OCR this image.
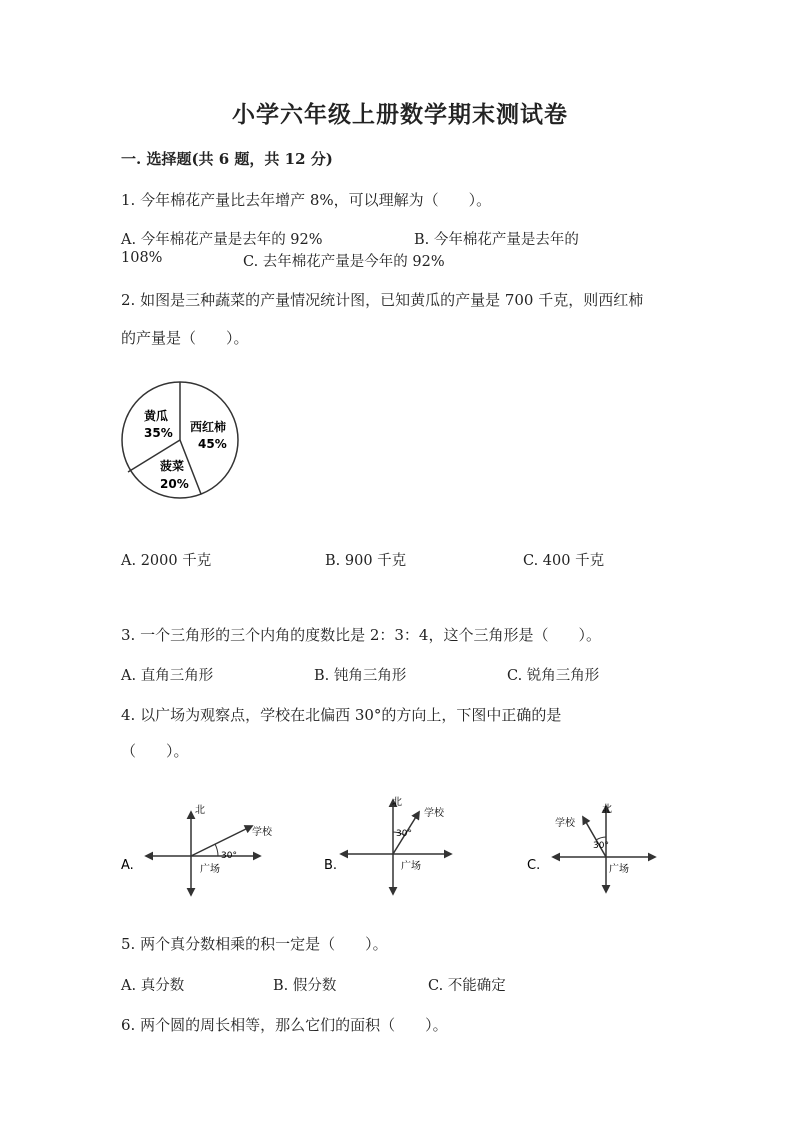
小学六年级上册数学期末测试卷
一. 选择题(共 6 题，共 12 分)
1. 今年棉花产量比去年增产 8%，可以理解为（　　）。
A. 今年棉花产量是去年的 92%	B. 今年棉花产量是去年的
108%	C. 去年棉花产量是今年的 92%
2. 如图是三种蔬菜的产量情况统计图，已知黄瓜的产量是 700 千克，则西红柿
的产量是（　　）。
黄瓜
35% 西红柿
45%
菠菜
20%
A. 2000 千克	B. 900 千克	C. 400 千克
3. 一个三角形的三个内角的度数比是 2：3：4，这个三角形是（　　）。
A. 直角三角形	B. 钝角三角形	C. 锐角三角形
4. 以广场为观察点，学校在北偏西 30°的方向上，下图中正确的是
（　　）。
A.
北
学校
30°
广场	B.
北
学校
30°
广场	C.
北
学校
30°
广场
5. 两个真分数相乘的积一定是（　　）。
A. 真分数	B. 假分数	C. 不能确定
6. 两个圆的周长相等，那么它们的面积（　　）。
